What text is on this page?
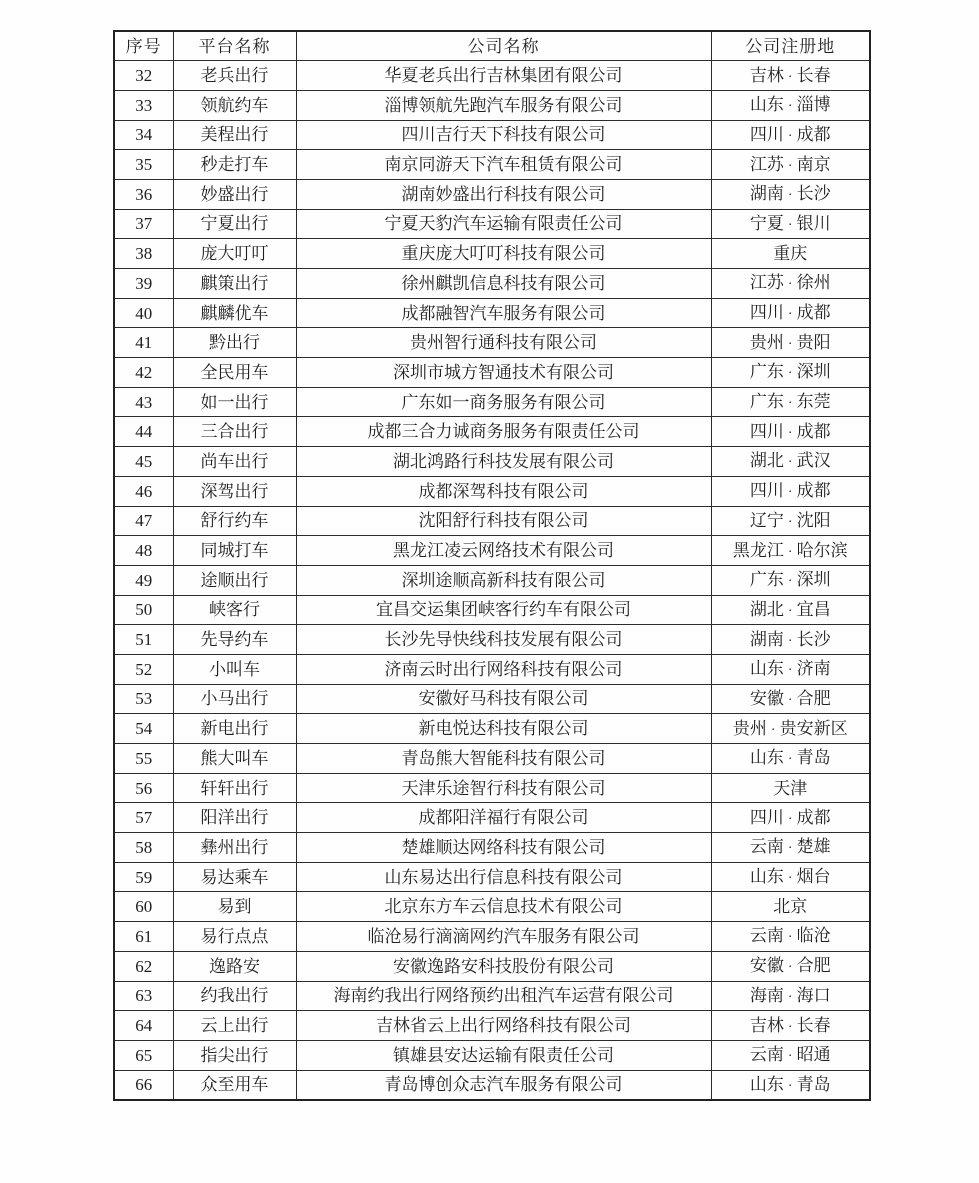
序号	平台名称	公司名称	公司注册地
32	老兵出行	华夏老兵出行吉林集团有限公司	吉林 · 长春
33	领航约车	淄博领航先跑汽车服务有限公司	山东 · 淄博
34	美程出行	四川吉行天下科技有限公司	四川 · 成都
35	秒走打车	南京同游天下汽车租赁有限公司	江苏 · 南京
36	妙盛出行	湖南妙盛出行科技有限公司	湖南 · 长沙
37	宁夏出行	宁夏天豹汽车运输有限责任公司	宁夏 · 银川
38	庞大叮叮	重庆庞大叮叮科技有限公司	重庆
39	麒策出行	徐州麒凯信息科技有限公司	江苏 · 徐州
40	麒麟优车	成都融智汽车服务有限公司	四川 · 成都
41	黔出行	贵州智行通科技有限公司	贵州 · 贵阳
42	全民用车	深圳市城方智通技术有限公司	广东 · 深圳
43	如一出行	广东如一商务服务有限公司	广东 · 东莞
44	三合出行	成都三合力诚商务服务有限责任公司	四川 · 成都
45	尚车出行	湖北鸿路行科技发展有限公司	湖北 · 武汉
46	深驾出行	成都深驾科技有限公司	四川 · 成都
47	舒行约车	沈阳舒行科技有限公司	辽宁 · 沈阳
48	同城打车	黑龙江凌云网络技术有限公司	黑龙江 · 哈尔滨
49	途顺出行	深圳途顺高新科技有限公司	广东 · 深圳
50	峡客行	宜昌交运集团峡客行约车有限公司	湖北 · 宜昌
51	先导约车	长沙先导快线科技发展有限公司	湖南 · 长沙
52	小叫车	济南云时出行网络科技有限公司	山东 · 济南
53	小马出行	安徽好马科技有限公司	安徽 · 合肥
54	新电出行	新电悦达科技有限公司	贵州 · 贵安新区
55	熊大叫车	青岛熊大智能科技有限公司	山东 · 青岛
56	轩轩出行	天津乐途智行科技有限公司	天津
57	阳洋出行	成都阳洋福行有限公司	四川 · 成都
58	彝州出行	楚雄顺达网络科技有限公司	云南 · 楚雄
59	易达乘车	山东易达出行信息科技有限公司	山东 · 烟台
60	易到	北京东方车云信息技术有限公司	北京
61	易行点点	临沧易行滴滴网约汽车服务有限公司	云南 · 临沧
62	逸路安	安徽逸路安科技股份有限公司	安徽 · 合肥
63	约我出行	海南约我出行网络预约出租汽车运营有限公司	海南 · 海口
64	云上出行	吉林省云上出行网络科技有限公司	吉林 · 长春
65	指尖出行	镇雄县安达运输有限责任公司	云南 · 昭通
66	众至用车	青岛博创众志汽车服务有限公司	山东 · 青岛
